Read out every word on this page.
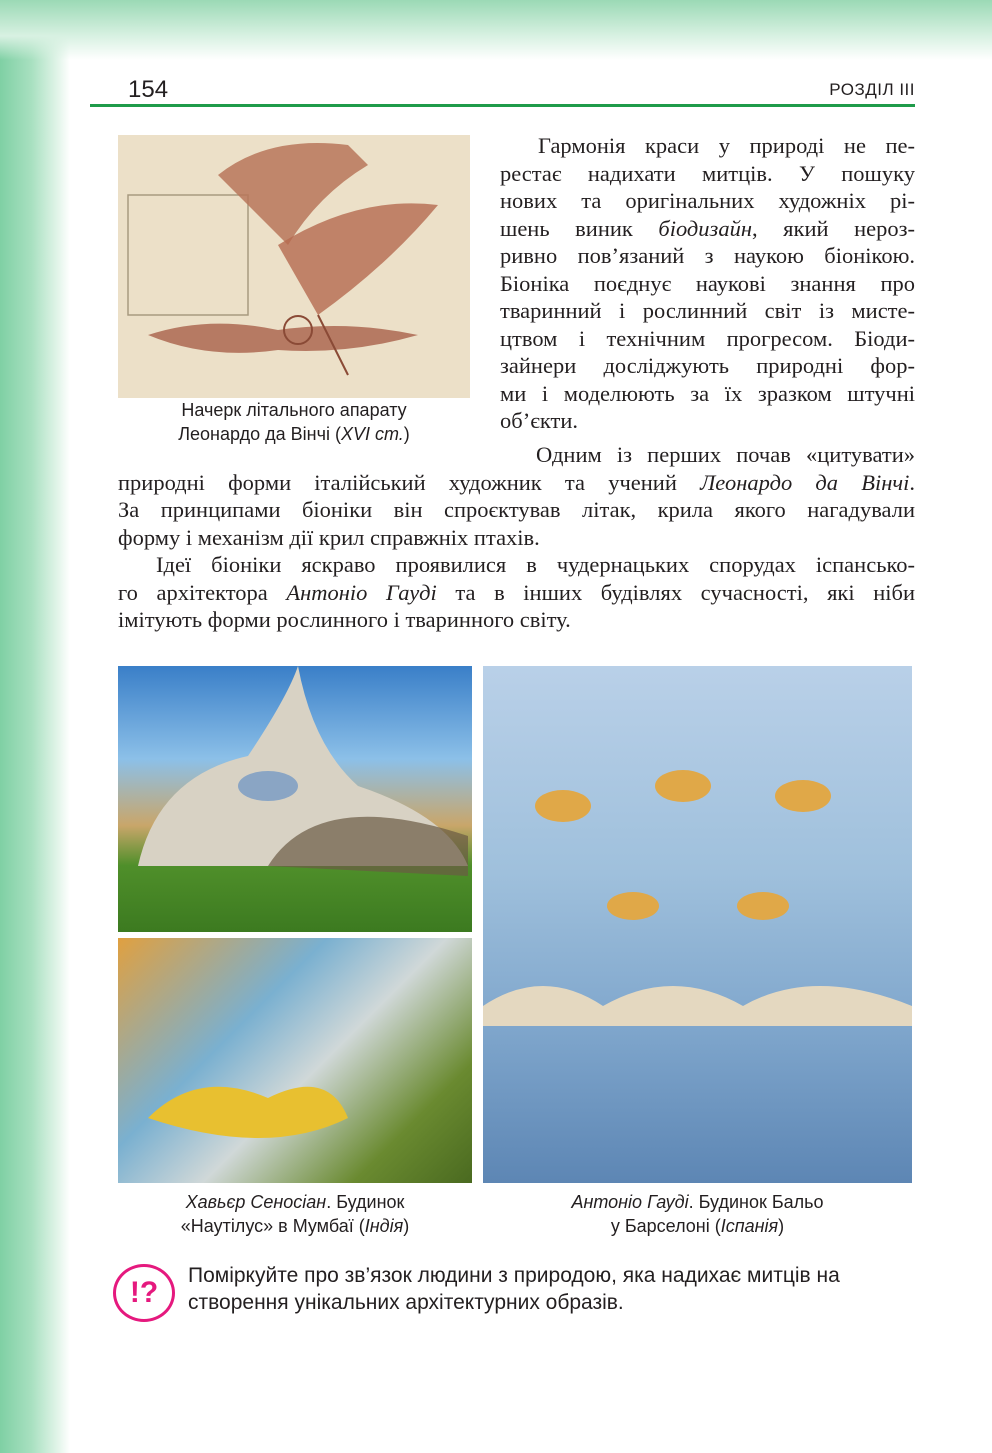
154	РОЗДІЛ III
Начерк літального апарату
Леонардо да Вінчі (XVI ст.)
Гармонія краси у природі не пе-
рестає надихати митців. У пошуку
нових та оригінальних художніх рі-
шень виник біодизайн, який нероз-
ривно пов’язаний з наукою біонікою.
Біоніка поєднує наукові знання про
тваринний і рослинний світ із мисте-
цтвом і технічним прогресом. Біоди-
зайнери досліджують природні фор-
ми і моделюють за їх зразком штучні
об’єкти.
Одним із перших почав «цитувати»
природні форми італійський художник та учений Леонардо да Вінчі.
За принципами біоніки він спроєктував літак, крила якого нагадували
форму і механізм дії крил справжніх птахів.
Ідеї біоніки яскраво проявилися в чудернацьких спорудах іспансько-
го архітектора Антоніо Гауді та в інших будівлях сучасності, які ніби
імітують форми рослинного і тваринного світу.
Хавьєр Сеносіан. Будинок
«Наутілус» в Мумбаї (Індія)
Антоніо Гауді. Будинок Бальо
у Барселоні (Іспанія)
!?
Поміркуйте про зв’язок людини з природою, яка надихає митців на
створення унікальних архітектурних образів.
